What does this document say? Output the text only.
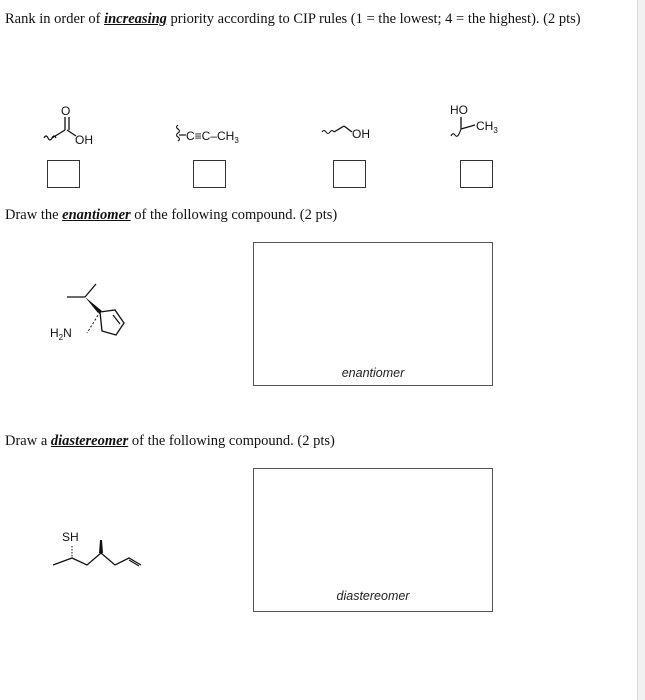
Rank in order of increasing priority according to CIP rules (1 = the lowest; 4 = the highest). (2 pts)
O
OH	$C\equiv C-CH_3$	OH
HO
$CH_3$
Draw the enantiomer of the following compound. (2 pts)
$H_2N$
enantiomer
Draw a diastereomer of the following compound. (2 pts)
SH
diastereomer
